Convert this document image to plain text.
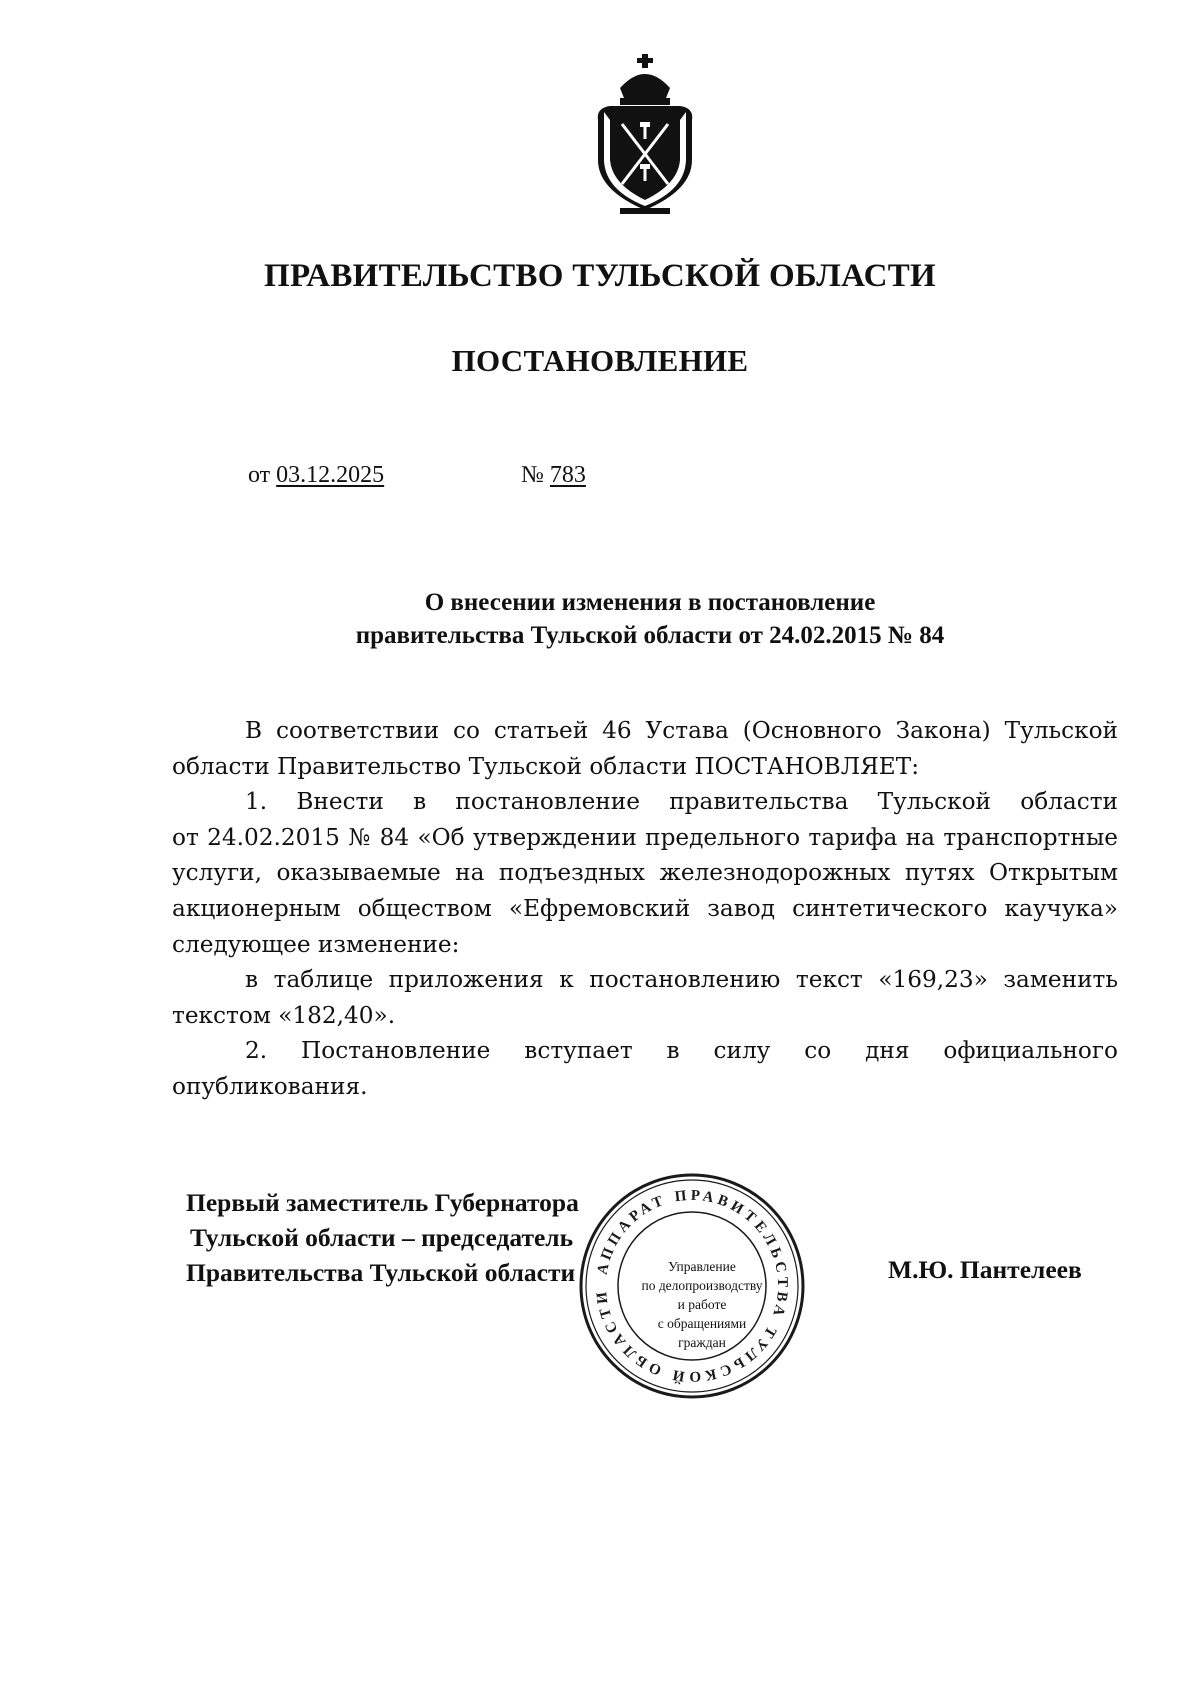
ПРАВИТЕЛЬСТВО ТУЛЬСКОЙ ОБЛАСТИ
ПОСТАНОВЛЕНИЕ
от 03.12.2025	№ 783
О внесении изменения в постановление
правительства Тульской области от 24.02.2015 № 84

В соответствии со статьей 46 Устава (Основного Закона) Тульской области Правительство Тульской области ПОСТАНОВЛЯЕТ:

1. Внести в постановление правительства Тульской области

от 24.02.2015 № 84 «Об утверждении предельного тарифа на транспортные услуги, оказываемые на подъездных железнодорожных путях Открытым акционерным обществом «Ефремовский завод синтетического каучука» следующее изменение:

в таблице приложения к постановлению текст «169,23» заменить текстом «182,40».

2. Постановление вступает в силу со дня официального опубликования.

Первый заместитель Губернатора
Тульской области – председатель
Правительства Тульской области АППАРАТ ПРАВИТЕЛЬСТВА ТУЛЬСКОЙ ОБЛАСТИ
Управление
по делопроизводству
и работе
с обращениями
граждан
М.Ю. Пантелеев
